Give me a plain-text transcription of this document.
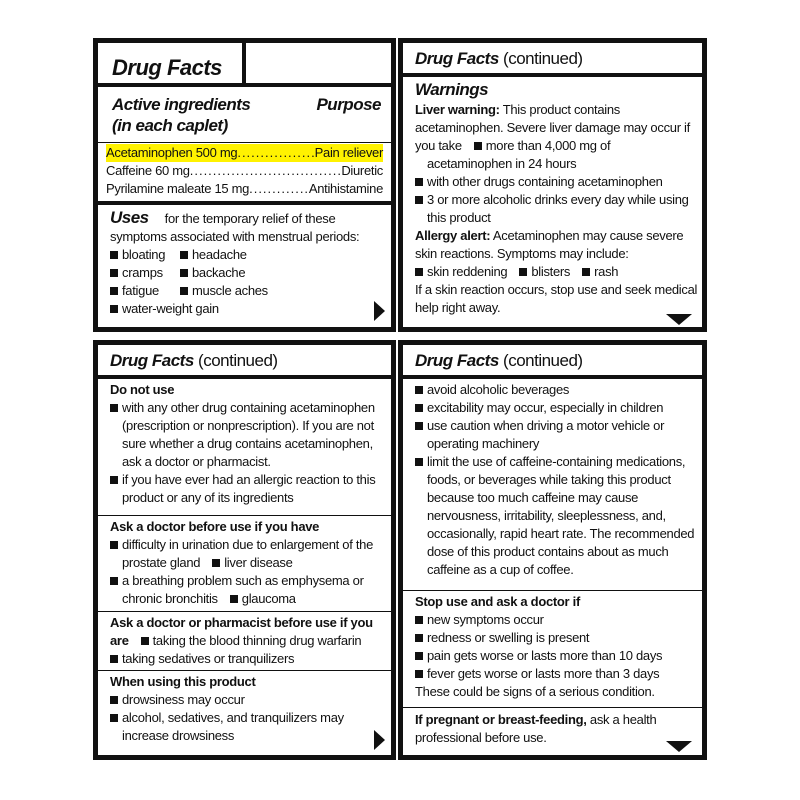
Drug Facts
Active ingredients
(in each caplet)
Purpose
Acetaminophen 500 mg .....	Pain reliever
Caffeine 60 mg .....	Diuretic
Pyrilamine maleate 15 mg .....	Antihistamine
Uses for the temporary relief of these
symptoms associated with menstrual periods:
bloating	headache
cramps	backache
fatigue	muscle aches
water-weight gain
Drug Facts (continued)
Warnings
Liver warning: This product contains
acetaminophen. Severe liver damage may occur if
you take more than 4,000 mg of
acetaminophen in 24 hours
with other drugs containing acetaminophen
3 or more alcoholic drinks every day while using
this product
Allergy alert: Acetaminophen may cause severe
skin reactions. Symptoms may include:
skin reddening blisters rash
If a skin reaction occurs, stop use and seek medical
help right away.
Drug Facts (continued)
Do not use
with any other drug containing acetaminophen
(prescription or nonprescription). If you are not
sure whether a drug contains acetaminophen,
ask a doctor or pharmacist.
if you have ever had an allergic reaction to this
product or any of its ingredients
Ask a doctor before use if you have
difficulty in urination due to enlargement of the
prostate gland liver disease
a breathing problem such as emphysema or
chronic bronchitis glaucoma
Ask a doctor or pharmacist before use if you
are taking the blood thinning drug warfarin
taking sedatives or tranquilizers
When using this product
drowsiness may occur
alcohol, sedatives, and tranquilizers may
increase drowsiness
Drug Facts (continued)
avoid alcoholic beverages
excitability may occur, especially in children
use caution when driving a motor vehicle or
operating machinery
limit the use of caffeine-containing medications,
foods, or beverages while taking this product
because too much caffeine may cause
nervousness, irritability, sleeplessness, and,
occasionally, rapid heart rate. The recommended
dose of this product contains about as much
caffeine as a cup of coffee.
Stop use and ask a doctor if
new symptoms occur
redness or swelling is present
pain gets worse or lasts more than 10 days
fever gets worse or lasts more than 3 days
These could be signs of a serious condition.
If pregnant or breast-feeding, ask a health
professional before use.
